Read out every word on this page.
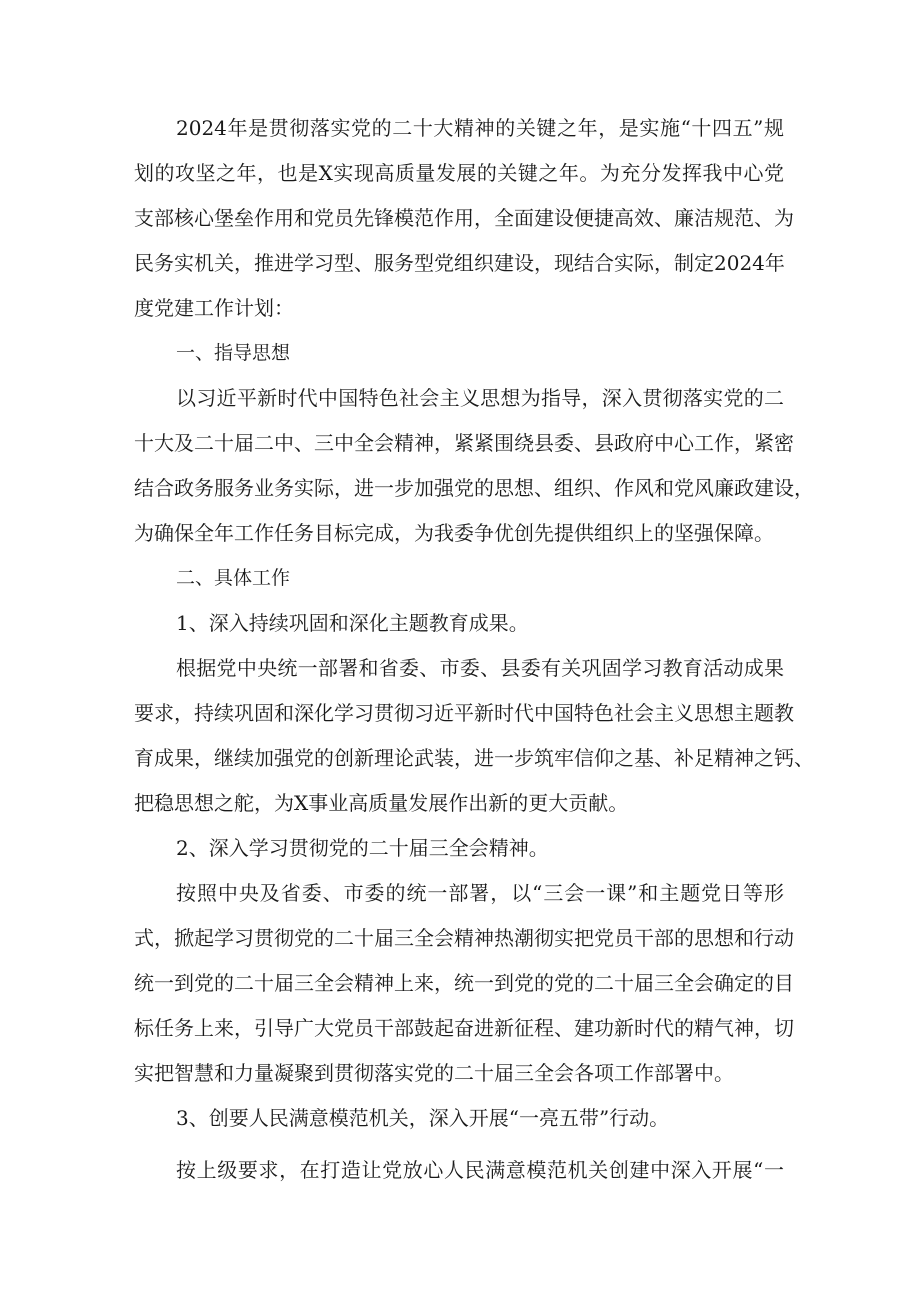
2024年是贯彻落实党的二十大精神的关键之年，是实施“十四五”规
划的攻坚之年，也是X实现高质量发展的关键之年。为充分发挥我中心党
支部核心堡垒作用和党员先锋模范作用，全面建设便捷高效、廉洁规范、为
民务实机关，推进学习型、服务型党组织建设，现结合实际，制定2024年
度党建工作计划：
一、指导思想
以习近平新时代中国特色社会主义思想为指导，深入贯彻落实党的二
十大及二十届二中、三中全会精神，紧紧围绕县委、县政府中心工作，紧密
结合政务服务业务实际，进一步加强党的思想、组织、作风和党风廉政建设，
为确保全年工作任务目标完成，为我委争优创先提供组织上的坚强保障。
二、具体工作
1、深入持续巩固和深化主题教育成果。
根据党中央统一部署和省委、市委、县委有关巩固学习教育活动成果
要求，持续巩固和深化学习贯彻习近平新时代中国特色社会主义思想主题教
育成果，继续加强党的创新理论武装，进一步筑牢信仰之基、补足精神之钙、
把稳思想之舵，为X事业高质量发展作出新的更大贡献。
2、深入学习贯彻党的二十届三全会精神。
按照中央及省委、市委的统一部署，以“三会一课”和主题党日等形
式，掀起学习贯彻党的二十届三全会精神热潮彻实把党员干部的思想和行动
统一到党的二十届三全会精神上来，统一到党的党的二十届三全会确定的目
标任务上来，引导广大党员干部鼓起奋进新征程、建功新时代的精气神，切
实把智慧和力量凝聚到贯彻落实党的二十届三全会各项工作部署中。
3、创要人民满意模范机关，深入开展“一亮五带”行动。
按上级要求，在打造让党放心人民满意模范机关创建中深入开展“一
